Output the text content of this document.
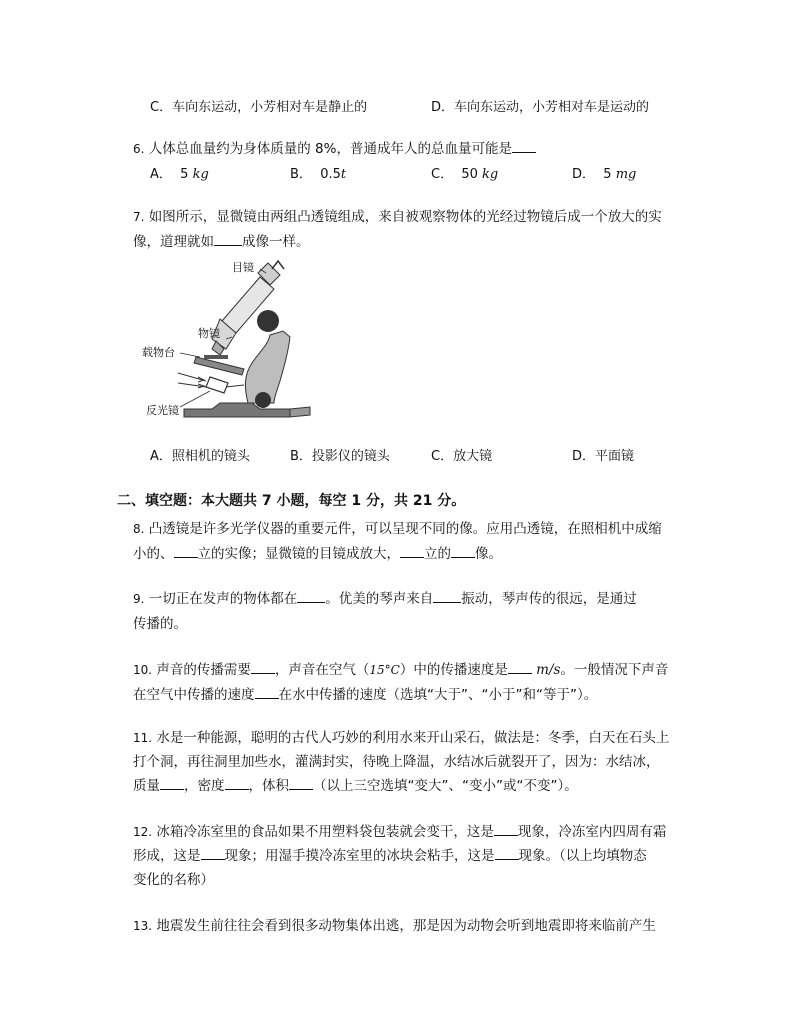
C．车向东运动，小芳相对车是静止的	D．车向东运动，小芳相对车是运动的
6. 人体总血量约为身体质量的 8%，普通成年人的总血量可能是
A． 5 kg	B． 0.5t	C． 50 kg	D． 5 mg
7. 如图所示，显微镜由两组凸透镜组成，来自被观察物体的光经过物镜后成一个放大的实
像，道理就如 成像一样。
目镜
物镜
载物台
反光镜
A．照相机的镜头	B．投影仪的镜头	C．放大镜	D．平面镜
二、填空题：本大题共 7 小题，每空 1 分，共 21 分。
8. 凸透镜是许多光学仪器的重要元件，可以呈现不同的像。应用凸透镜，在照相机中成缩
小的、 立的实像；显微镜的目镜成放大， 立的 像。
9. 一切正在发声的物体都在 。优美的琴声来自 振动，琴声传的很远，是通过
传播的。
10. 声音的传播需要 ，声音在空气（15°C）中的传播速度是 m/s。一般情况下声音
在空气中传播的速度 在水中传播的速度（选填“大于”、“小于”和“等于”）。
11. 水是一种能源，聪明的古代人巧妙的利用水来开山采石，做法是：冬季，白天在石头上
打个洞，再往洞里加些水，灌满封实，待晚上降温，水结冰后就裂开了，因为：水结冰，
质量 ，密度 ，体积 （以上三空选填“变大”、“变小”或“不变”）。
12. 冰箱冷冻室里的食品如果不用塑料袋包装就会变干，这是 现象，冷冻室内四周有霜
形成，这是 现象；用湿手摸冷冻室里的冰块会粘手，这是 现象。（以上均填物态
变化的名称）
13. 地震发生前往往会看到很多动物集体出逃，那是因为动物会听到地震即将来临前产生
